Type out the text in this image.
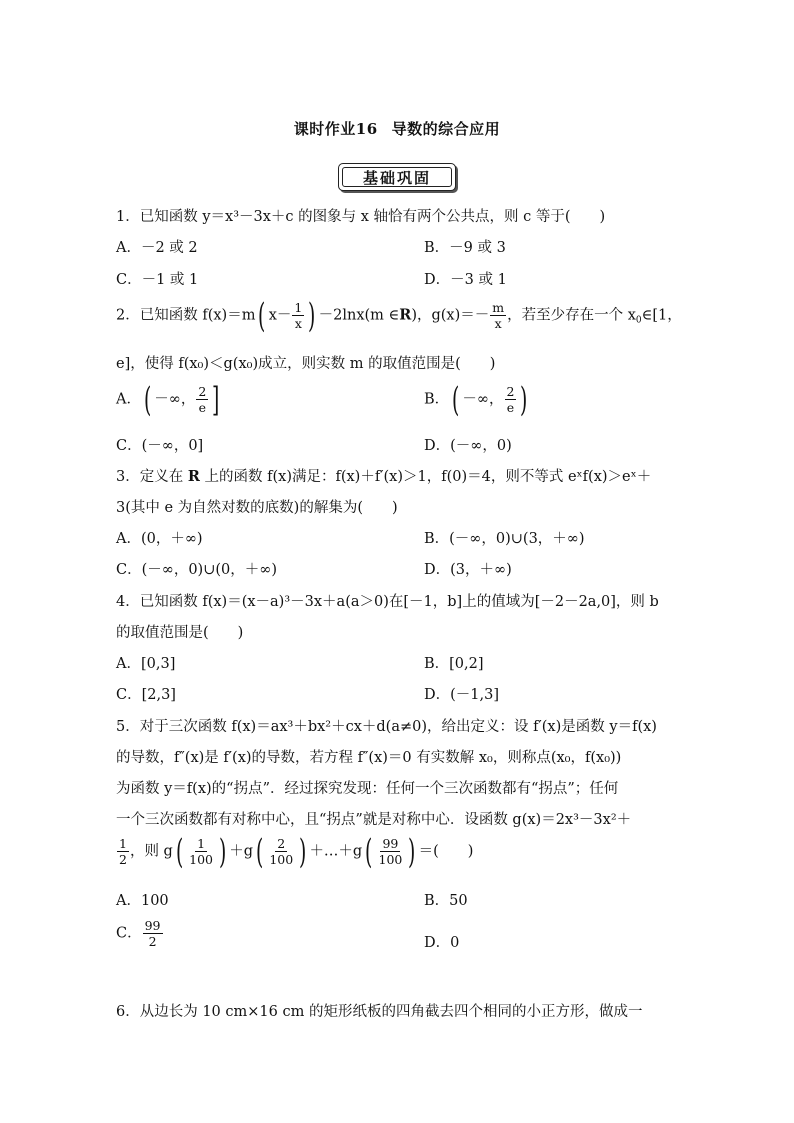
课时作业16 导数的综合应用
基础巩固
1．已知函数 y＝x³－3x＋c 的图象与 x 轴恰有两个公共点，则 c 等于(　　)
A．－2 或 2	B．－9 或 3
C．－1 或 1	D．－3 或 1
2．已知函数 f(x)＝m( $x- \frac{1}{x}$ ) －2lnx(m ∈R)，$g(x)=- \frac{m}{x}$ ，若至少存在一个 $x_0\in[1$，
e]，使得 f(x₀)＜g(x₀)成立，则实数 m 的取值范围是(　　)
A．( －∞， $\frac{2}{e}$ ]	B．( －∞， $\frac{2}{e}$ )
C．(－∞，0]	D．(－∞，0)
3．定义在 R 上的函数 f(x)满足：f(x)＋f′(x)＞1，f(0)＝4，则不等式 eˣf(x)＞eˣ＋
3(其中 e 为自然对数的底数)的解集为(　　)
A．(0，＋∞)	B．(－∞，0)∪(3，＋∞)
C．(－∞，0)∪(0，＋∞)	D．(3，＋∞)
4．已知函数 f(x)＝(x－a)³－3x＋a(a＞0)在[－1，b]上的值域为[－2－2a,0]，则 b
的取值范围是(　　)
A．[0,3]	B．[0,2]
C．[2,3]	D．(－1,3]
5．对于三次函数 f(x)＝ax³＋bx²＋cx＋d(a≠0)，给出定义：设 f′(x)是函数 y＝f(x)
的导数，f″(x)是 f′(x)的导数，若方程 f″(x)＝0 有实数解 x₀，则称点(x₀，f(x₀))
为函数 y＝f(x)的“拐点”．经过探究发现：任何一个三次函数都有“拐点”；任何
一个三次函数都有对称中心，且“拐点”就是对称中心．设函数 g(x)＝2x³－3x²＋
$\frac{1}{2}$ ，则 $g( \frac{1}{100}$ ) $+g( \frac{2}{100}$ ) ＋…＋g( $\frac{99}{100}$ ) ＝(　　)
A．100	B．50
C． $\frac{99}{2}$	D．0
6．从边长为 10 cm×16 cm 的矩形纸板的四角截去四个相同的小正方形，做成一
